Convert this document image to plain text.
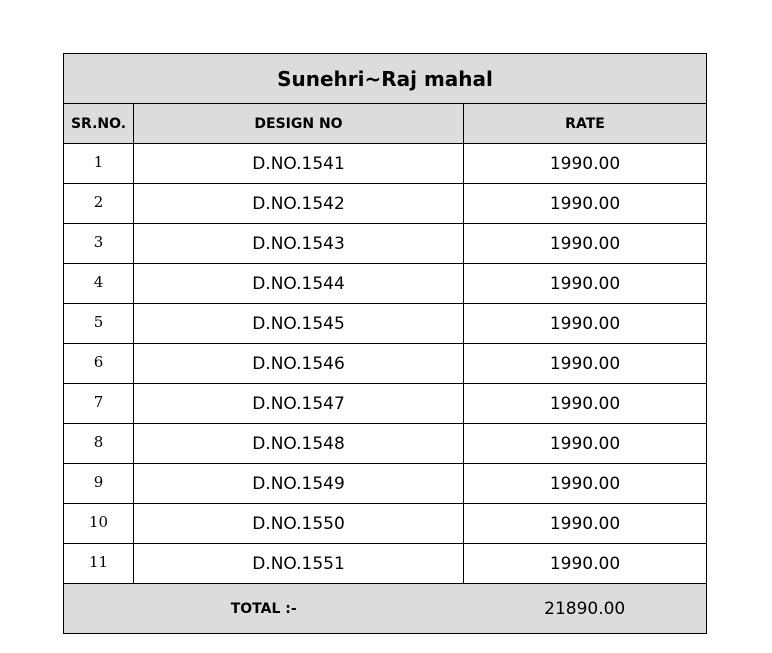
Sunehri~Raj mahal
SR.NO.	DESIGN NO	RATE
1	D.NO.1541	1990.00
2	D.NO.1542	1990.00
3	D.NO.1543	1990.00
4	D.NO.1544	1990.00
5	D.NO.1545	1990.00
6	D.NO.1546	1990.00
7	D.NO.1547	1990.00
8	D.NO.1548	1990.00
9	D.NO.1549	1990.00
10	D.NO.1550	1990.00
11	D.NO.1551	1990.00
TOTAL :-	21890.00
